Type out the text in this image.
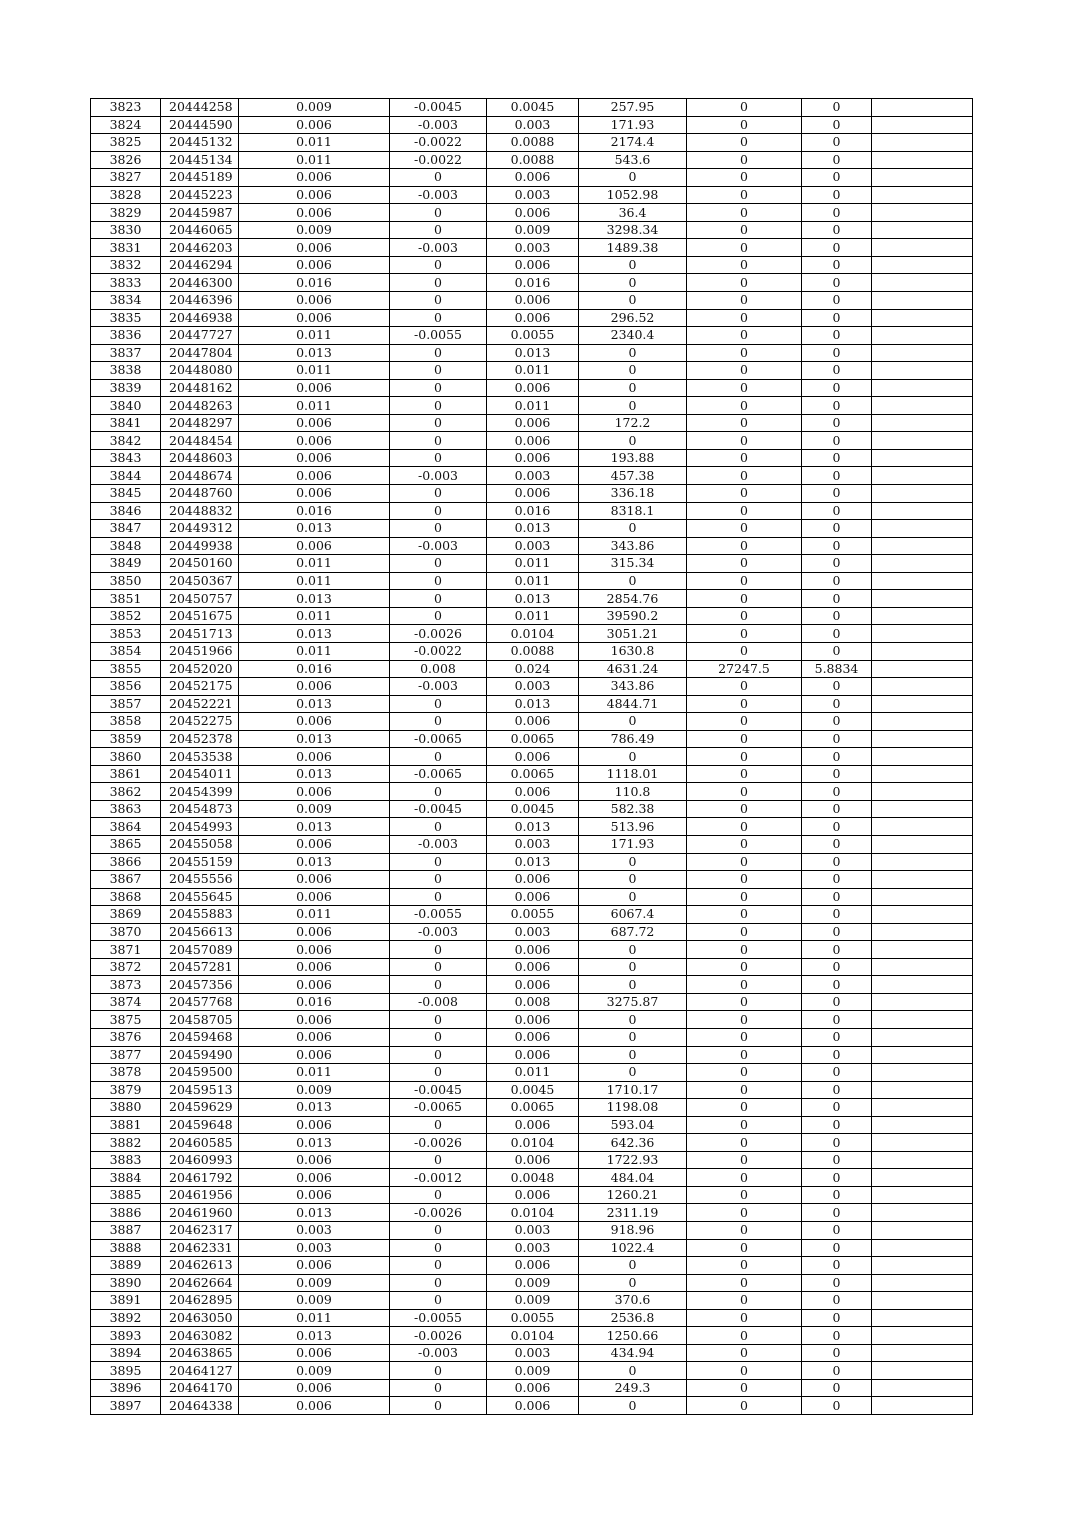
3823	20444258	0.009	-0.0045	0.0045	257.95	0	0	
3824	20444590	0.006	-0.003	0.003	171.93	0	0	
3825	20445132	0.011	-0.0022	0.0088	2174.4	0	0	
3826	20445134	0.011	-0.0022	0.0088	543.6	0	0	
3827	20445189	0.006	0	0.006	0	0	0	
3828	20445223	0.006	-0.003	0.003	1052.98	0	0	
3829	20445987	0.006	0	0.006	36.4	0	0	
3830	20446065	0.009	0	0.009	3298.34	0	0	
3831	20446203	0.006	-0.003	0.003	1489.38	0	0	
3832	20446294	0.006	0	0.006	0	0	0	
3833	20446300	0.016	0	0.016	0	0	0	
3834	20446396	0.006	0	0.006	0	0	0	
3835	20446938	0.006	0	0.006	296.52	0	0	
3836	20447727	0.011	-0.0055	0.0055	2340.4	0	0	
3837	20447804	0.013	0	0.013	0	0	0	
3838	20448080	0.011	0	0.011	0	0	0	
3839	20448162	0.006	0	0.006	0	0	0	
3840	20448263	0.011	0	0.011	0	0	0	
3841	20448297	0.006	0	0.006	172.2	0	0	
3842	20448454	0.006	0	0.006	0	0	0	
3843	20448603	0.006	0	0.006	193.88	0	0	
3844	20448674	0.006	-0.003	0.003	457.38	0	0	
3845	20448760	0.006	0	0.006	336.18	0	0	
3846	20448832	0.016	0	0.016	8318.1	0	0	
3847	20449312	0.013	0	0.013	0	0	0	
3848	20449938	0.006	-0.003	0.003	343.86	0	0	
3849	20450160	0.011	0	0.011	315.34	0	0	
3850	20450367	0.011	0	0.011	0	0	0	
3851	20450757	0.013	0	0.013	2854.76	0	0	
3852	20451675	0.011	0	0.011	39590.2	0	0	
3853	20451713	0.013	-0.0026	0.0104	3051.21	0	0	
3854	20451966	0.011	-0.0022	0.0088	1630.8	0	0	
3855	20452020	0.016	0.008	0.024	4631.24	27247.5	5.8834	
3856	20452175	0.006	-0.003	0.003	343.86	0	0	
3857	20452221	0.013	0	0.013	4844.71	0	0	
3858	20452275	0.006	0	0.006	0	0	0	
3859	20452378	0.013	-0.0065	0.0065	786.49	0	0	
3860	20453538	0.006	0	0.006	0	0	0	
3861	20454011	0.013	-0.0065	0.0065	1118.01	0	0	
3862	20454399	0.006	0	0.006	110.8	0	0	
3863	20454873	0.009	-0.0045	0.0045	582.38	0	0	
3864	20454993	0.013	0	0.013	513.96	0	0	
3865	20455058	0.006	-0.003	0.003	171.93	0	0	
3866	20455159	0.013	0	0.013	0	0	0	
3867	20455556	0.006	0	0.006	0	0	0	
3868	20455645	0.006	0	0.006	0	0	0	
3869	20455883	0.011	-0.0055	0.0055	6067.4	0	0	
3870	20456613	0.006	-0.003	0.003	687.72	0	0	
3871	20457089	0.006	0	0.006	0	0	0	
3872	20457281	0.006	0	0.006	0	0	0	
3873	20457356	0.006	0	0.006	0	0	0	
3874	20457768	0.016	-0.008	0.008	3275.87	0	0	
3875	20458705	0.006	0	0.006	0	0	0	
3876	20459468	0.006	0	0.006	0	0	0	
3877	20459490	0.006	0	0.006	0	0	0	
3878	20459500	0.011	0	0.011	0	0	0	
3879	20459513	0.009	-0.0045	0.0045	1710.17	0	0	
3880	20459629	0.013	-0.0065	0.0065	1198.08	0	0	
3881	20459648	0.006	0	0.006	593.04	0	0	
3882	20460585	0.013	-0.0026	0.0104	642.36	0	0	
3883	20460993	0.006	0	0.006	1722.93	0	0	
3884	20461792	0.006	-0.0012	0.0048	484.04	0	0	
3885	20461956	0.006	0	0.006	1260.21	0	0	
3886	20461960	0.013	-0.0026	0.0104	2311.19	0	0	
3887	20462317	0.003	0	0.003	918.96	0	0	
3888	20462331	0.003	0	0.003	1022.4	0	0	
3889	20462613	0.006	0	0.006	0	0	0	
3890	20462664	0.009	0	0.009	0	0	0	
3891	20462895	0.009	0	0.009	370.6	0	0	
3892	20463050	0.011	-0.0055	0.0055	2536.8	0	0	
3893	20463082	0.013	-0.0026	0.0104	1250.66	0	0	
3894	20463865	0.006	-0.003	0.003	434.94	0	0	
3895	20464127	0.009	0	0.009	0	0	0	
3896	20464170	0.006	0	0.006	249.3	0	0	
3897	20464338	0.006	0	0.006	0	0	0	
